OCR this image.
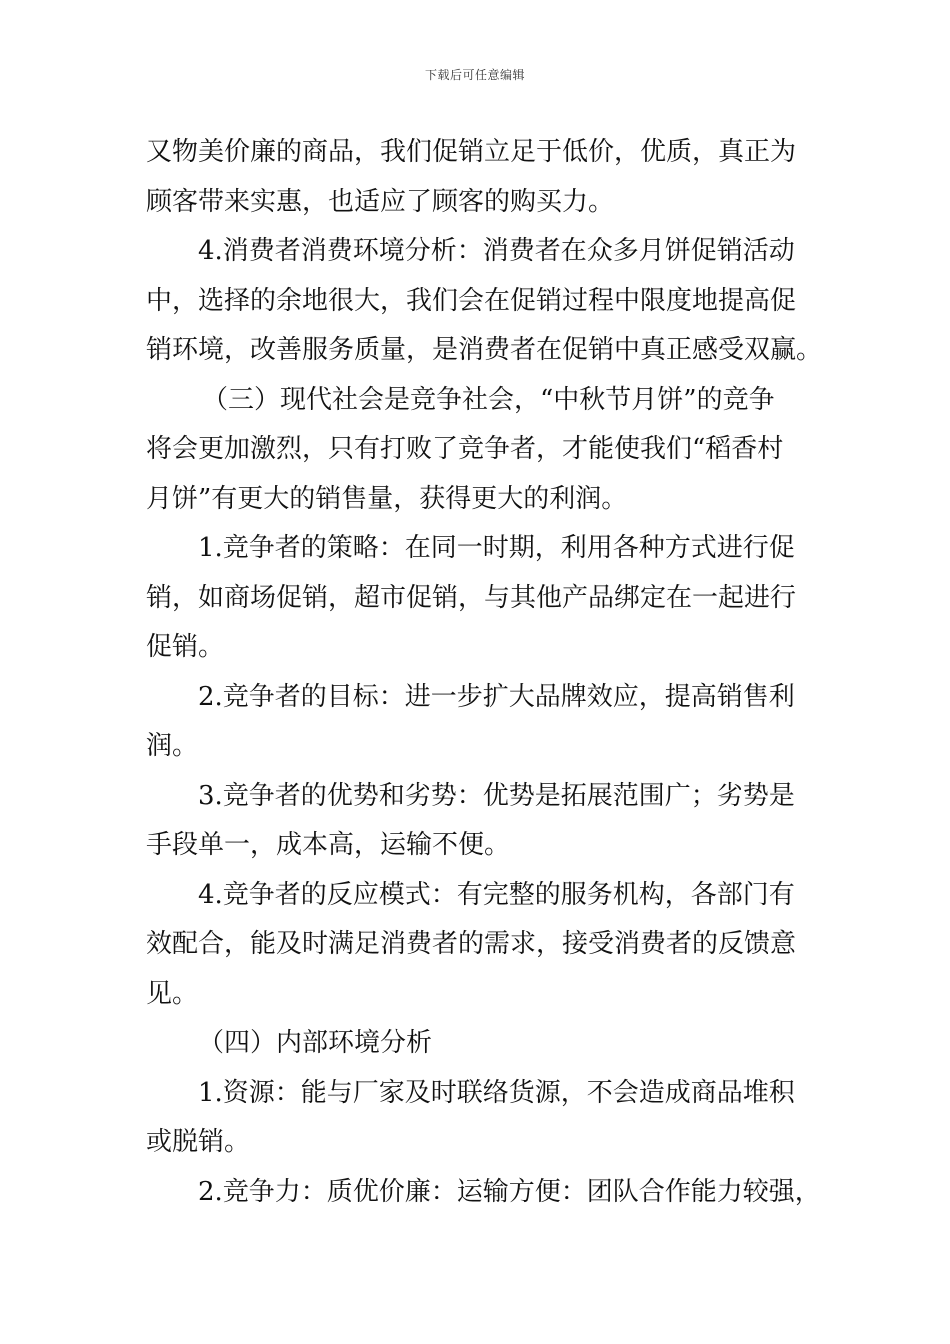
下载后可任意编辑
又物美价廉的商品，我们促销立足于低价，优质，真正为
顾客带来实惠，也适应了顾客的购买力。
4.消费者消费环境分析：消费者在众多月饼促销活动
中，选择的余地很大，我们会在促销过程中限度地提高促
销环境，改善服务质量，是消费者在促销中真正感受双赢。
（三）现代社会是竞争社会，“中秋节月饼”的竞争
将会更加激烈，只有打败了竞争者，才能使我们“稻香村
月饼”有更大的销售量，获得更大的利润。
1.竞争者的策略：在同一时期，利用各种方式进行促
销，如商场促销，超市促销，与其他产品绑定在一起进行
促销。
2.竞争者的目标：进一步扩大品牌效应，提高销售利
润。
3.竞争者的优势和劣势：优势是拓展范围广；劣势是
手段单一，成本高，运输不便。
4.竞争者的反应模式：有完整的服务机构，各部门有
效配合，能及时满足消费者的需求，接受消费者的反馈意
见。
（四）内部环境分析
1.资源：能与厂家及时联络货源，不会造成商品堆积
或脱销。
2.竞争力：质优价廉：运输方便：团队合作能力较强，
